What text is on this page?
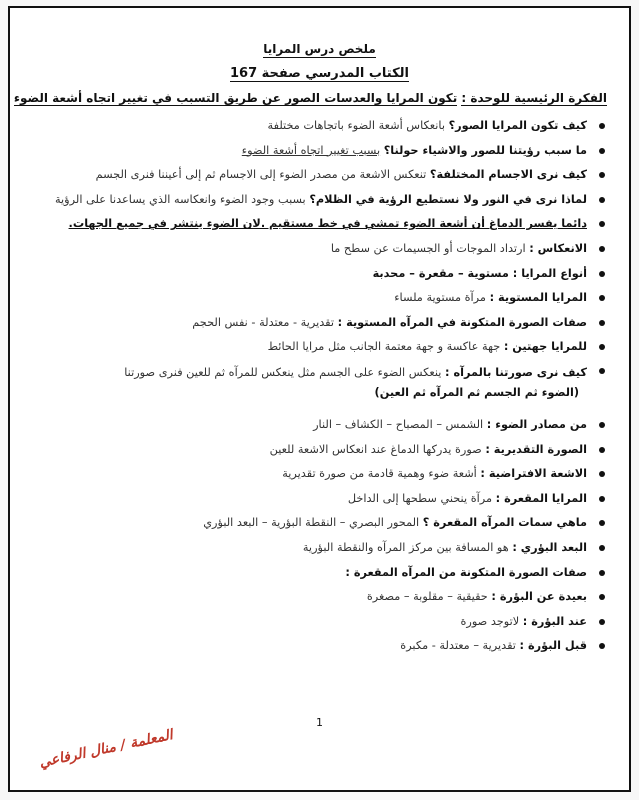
ملخص درس المرايا
الكتاب المدرسي صفحة 167
الفكرة الرئيسية للوحدة : تكون المرايا والعدسات الصور عن طريق التسبب في تغيير اتجاه أشعة الضوء
كيف تكون المرايا الصور؟ بانعكاس أشعة الضوء باتجاهات مختلفة
ما سبب رؤيتنا للصور والاشياء حولنا؟ بسبب تغيير اتجاه أشعة الضوء
كيف نرى الاجسام المختلفة؟ تنعكس الاشعة من مصدر الضوء إلى الاجسام ثم إلى أعيننا فنرى الجسم
لماذا نرى في النور ولا نستطيع الرؤية في الظلام؟ بسبب وجود الضوء وانعكاسه الذي يساعدنا على الرؤية
دائما يفسر الدماغ أن أشعة الضوء تمشي في خط مستقيم .لان الضوء ينتشر في جميع الجهات.
الانعكاس : ارتداد الموجات أو الجسيمات عن سطح ما
أنواع المرايا : مستوية – مقعرة – محدبة
المرايا المستوية : مرآة مستوية ملساء
صفات الصورة المتكونة في المرآه المستوية : تقديرية - معتدلة - نفس الحجم
للمرايا جهتين : جهة عاكسة و جهة معتمة الجانب مثل مرايا الحائط
كيف نرى صورتنا بالمرآه : ينعكس الضوء على الجسم مثل ينعكس للمرآه ثم للعين فنرى صورتنا
(الضوء ثم الجسم ثم المرآه ثم العين)
من مصادر الضوء : الشمس – المصباح – الكشاف – النار
الصورة التقديرية : صورة يدركها الدماغ عند انعكاس الاشعة للعين
الاشعة الافتراضية : أشعة ضوء وهمية قادمة من صورة تقديرية
المرايا المقعرة : مرآة ينحني سطحها إلى الداخل
ماهي سمات المرآه المقعرة ؟ المحور البصري – النقطة البؤرية – البعد البؤري
البعد البؤري : هو المسافة بين مركز المرآه والنقطة البؤرية
صفات الصورة المتكونة من المرآه المقعرة :
بعيدة عن البؤرة : حقيقية – مقلوبة – مصغرة
عند البؤرة : لاتوجد صورة
قبل البؤرة : تقديرية – معتدلة - مكبرة
1
المعلمة / منال الرفاعي
